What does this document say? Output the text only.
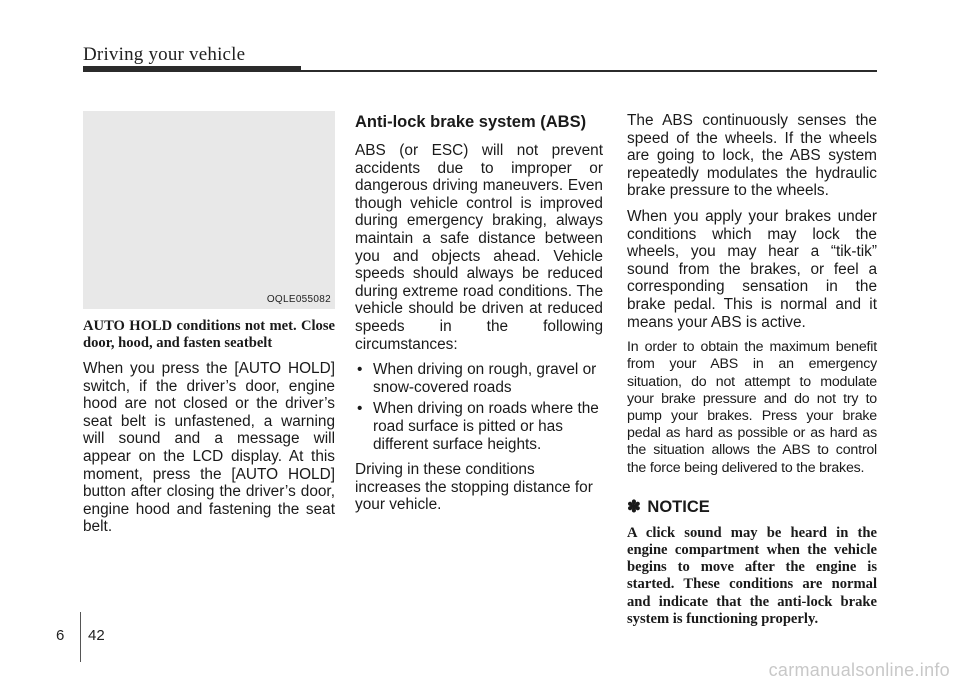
Driving your vehicle
OQLE055082

AUTO HOLD conditions not met. Close door, hood, and fasten seatbelt

When you press the [AUTO HOLD] switch, if the driver’s door, engine hood are not closed or the driver’s seat belt is unfastened, a warning will sound and a message will appear on the LCD display. At this moment, press the [AUTO HOLD] button after closing the driver’s door, engine hood and fastening the seat belt.

Anti-lock brake system (ABS)

ABS (or ESC) will not prevent accidents due to improper or dangerous driving maneuvers. Even though vehicle control is improved during emergency braking, always maintain a safe distance between you and objects ahead. Vehicle speeds should always be reduced during extreme road conditions. The vehicle should be driven at reduced speeds in the following circumstances:

• When driving on rough, gravel or snow-covered roads
• When driving on roads where the road surface is pitted or has different surface heights.

Driving in these conditions increases the stopping distance for your vehicle.

The ABS continuously senses the speed of the wheels. If the wheels are going to lock, the ABS system repeatedly modulates the hydraulic brake pressure to the wheels.

When you apply your brakes under conditions which may lock the wheels, you may hear a “tik-tik” sound from the brakes, or feel a corresponding sensation in the brake pedal. This is normal and it means your ABS is active.

In order to obtain the maximum benefit from your ABS in an emergency situation, do not attempt to modulate your brake pressure and do not try to pump your brakes. Press your brake pedal as hard as possible or as hard as the situation allows the ABS to control the force being delivered to the brakes.

✽ NOTICE

A click sound may be heard in the engine compartment when the vehicle begins to move after the engine is started. These conditions are normal and indicate that the anti-lock brake system is functioning properly.

6 42
carmanualsonline.info
